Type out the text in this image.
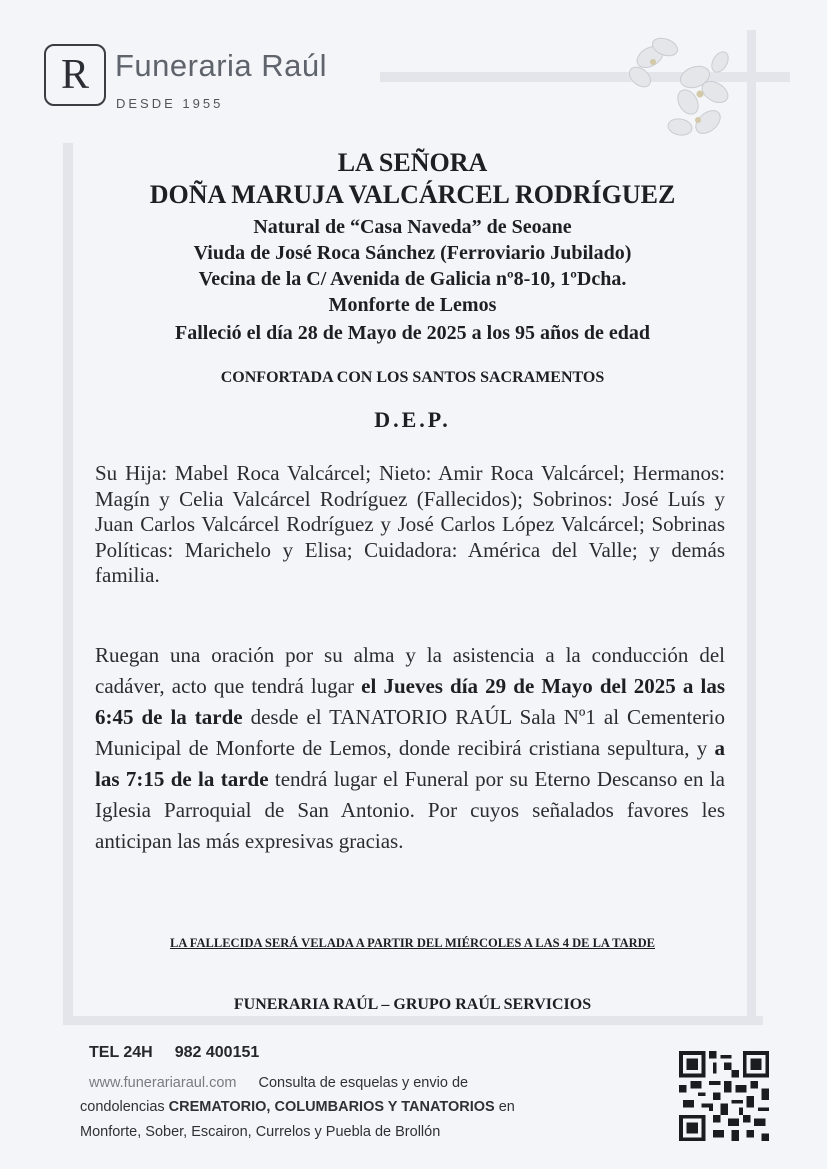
R Funeraria Raúl
DESDE 1955
LA SEÑORA
DOÑA MARUJA VALCÁRCEL RODRÍGUEZ
Natural de “Casa Naveda” de Seoane
Viuda de José Roca Sánchez (Ferroviario Jubilado)
Vecina de la C/ Avenida de Galicia nº8-10, 1ºDcha.
Monforte de Lemos
Falleció el día 28 de Mayo de 2025 a los 95 años de edad
CONFORTADA CON LOS SANTOS SACRAMENTOS
D.E.P.
Su Hija: Mabel Roca Valcárcel; Nieto: Amir Roca Valcárcel; Hermanos: Magín y Celia Valcárcel Rodríguez (Fallecidos); Sobrinos: José Luís y Juan Carlos Valcárcel Rodríguez y José Carlos López Valcárcel; Sobrinas Políticas: Marichelo y Elisa; Cuidadora: América del Valle; y demás familia.
Ruegan una oración por su alma y la asistencia a la conducción del cadáver, acto que tendrá lugar el Jueves día 29 de Mayo del 2025 a las 6:45 de la tarde desde el TANATORIO RAÚL Sala Nº1 al Cementerio Municipal de Monforte de Lemos, donde recibirá cristiana sepultura, y a las 7:15 de la tarde tendrá lugar el Funeral por su Eterno Descanso en la Iglesia Parroquial de San Antonio. Por cuyos señalados favores les anticipan las más expresivas gracias.
LA FALLECIDA SERÁ VELADA A PARTIR DEL MIÉRCOLES A LAS 4 DE LA TARDE
FUNERARIA RAÚL – GRUPO RAÚL SERVICIOS
TEL 24H 982 400151
www.funerariaraul.com Consulta de esquelas y envio de
condolencias CREMATORIO, COLUMBARIOS Y TANATORIOS en
Monforte, Sober, Escairon, Currelos y Puebla de Brollón
